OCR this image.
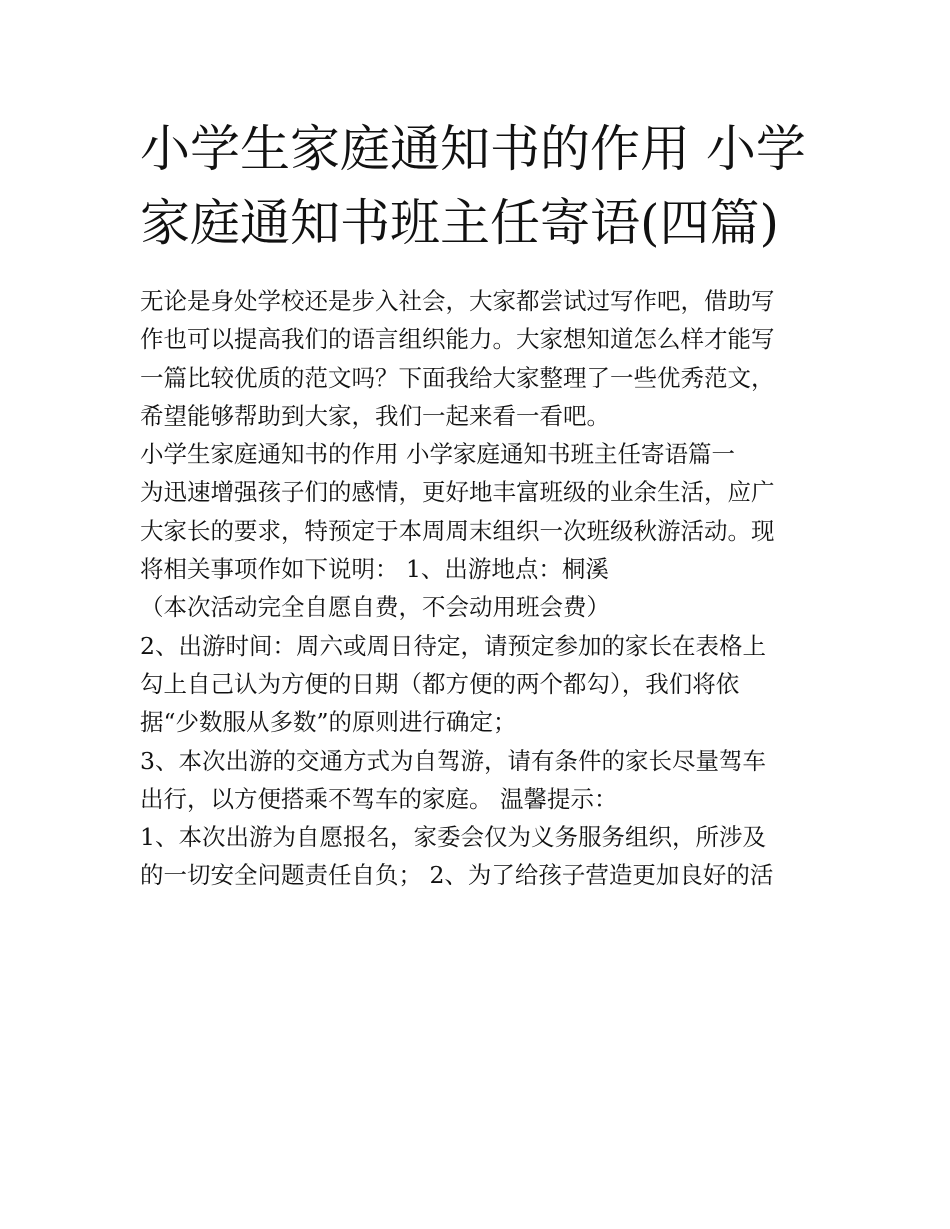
小学生家庭通知书的作用 小学
家庭通知书班主任寄语(四篇)
无论是身处学校还是步入社会，大家都尝试过写作吧，借助写
作也可以提高我们的语言组织能力。大家想知道怎么样才能写
一篇比较优质的范文吗？下面我给大家整理了一些优秀范文，
希望能够帮助到大家，我们一起来看一看吧。
小学生家庭通知书的作用 小学家庭通知书班主任寄语篇一
为迅速增强孩子们的感情，更好地丰富班级的业余生活，应广
大家长的要求，特预定于本周周末组织一次班级秋游活动。现
将相关事项作如下说明： 1、出游地点：桐溪
（本次活动完全自愿自费，不会动用班会费）
2、出游时间：周六或周日待定，请预定参加的家长在表格上
勾上自己认为方便的日期（都方便的两个都勾），我们将依
据“少数服从多数”的原则进行确定；
3、本次出游的交通方式为自驾游，请有条件的家长尽量驾车
出行，以方便搭乘不驾车的家庭。 温馨提示：
1、本次出游为自愿报名，家委会仅为义务服务组织，所涉及
的一切安全问题责任自负； 2、为了给孩子营造更加良好的活
